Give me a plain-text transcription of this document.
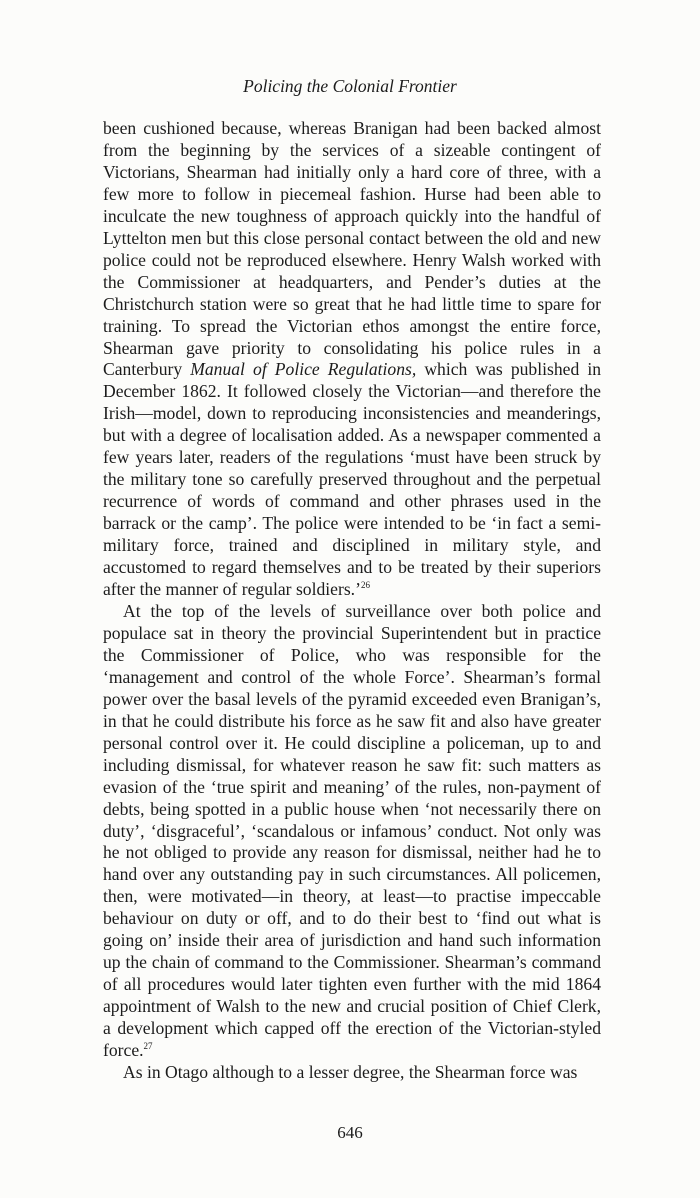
Policing the Colonial Frontier

been cushioned because, whereas Branigan had been backed almost from the beginning by the services of a sizeable contingent of Victorians, Shearman had initially only a hard core of three, with a few more to follow in piecemeal fashion. Hurse had been able to inculcate the new toughness of approach quickly into the handful of Lyttelton men but this close personal contact between the old and new police could not be reproduced elsewhere. Henry Walsh worked with the Commissioner at headquarters, and Pender’s duties at the Christchurch station were so great that he had little time to spare for training. To spread the Victorian ethos amongst the entire force, Shearman gave priority to consolidating his police rules in a Canterbury Manual of Police Regulations, which was published in December 1862. It followed closely the Victorian—and therefore the Irish—model, down to reproducing inconsistencies and meanderings, but with a degree of localisation added. As a newspaper commented a few years later, readers of the regulations ‘must have been struck by the military tone so carefully preserved throughout and the perpetual recurrence of words of command and other phrases used in the barrack or the camp’. The police were intended to be ‘in fact a semi-military force, trained and disciplined in military style, and accustomed to regard themselves and to be treated by their superiors after the manner of regular soldiers.’$^{26}$

At the top of the levels of surveillance over both police and populace sat in theory the provincial Superintendent but in practice the Commissioner of Police, who was responsible for the ‘management and control of the whole Force’. Shearman’s formal power over the basal levels of the pyramid exceeded even Branigan’s, in that he could distribute his force as he saw fit and also have greater personal control over it. He could discipline a policeman, up to and including dismissal, for whatever reason he saw fit: such matters as evasion of the ‘true spirit and meaning’ of the rules, non-payment of debts, being spotted in a public house when ‘not necessarily there on duty’, ‘disgraceful’, ‘scandalous or infamous’ conduct. Not only was he not obliged to provide any reason for dismissal, neither had he to hand over any outstanding pay in such circumstances. All policemen, then, were motivated—in theory, at least—to practise impeccable behaviour on duty or off, and to do their best to ‘find out what is going on’ inside their area of jurisdiction and hand such information up the chain of command to the Commissioner. Shearman’s command of all procedures would later tighten even further with the mid 1864 appointment of Walsh to the new and crucial position of Chief Clerk, a development which capped off the erection of the Victorian-styled force.$^{27}$

As in Otago although to a lesser degree, the Shearman force was

646
